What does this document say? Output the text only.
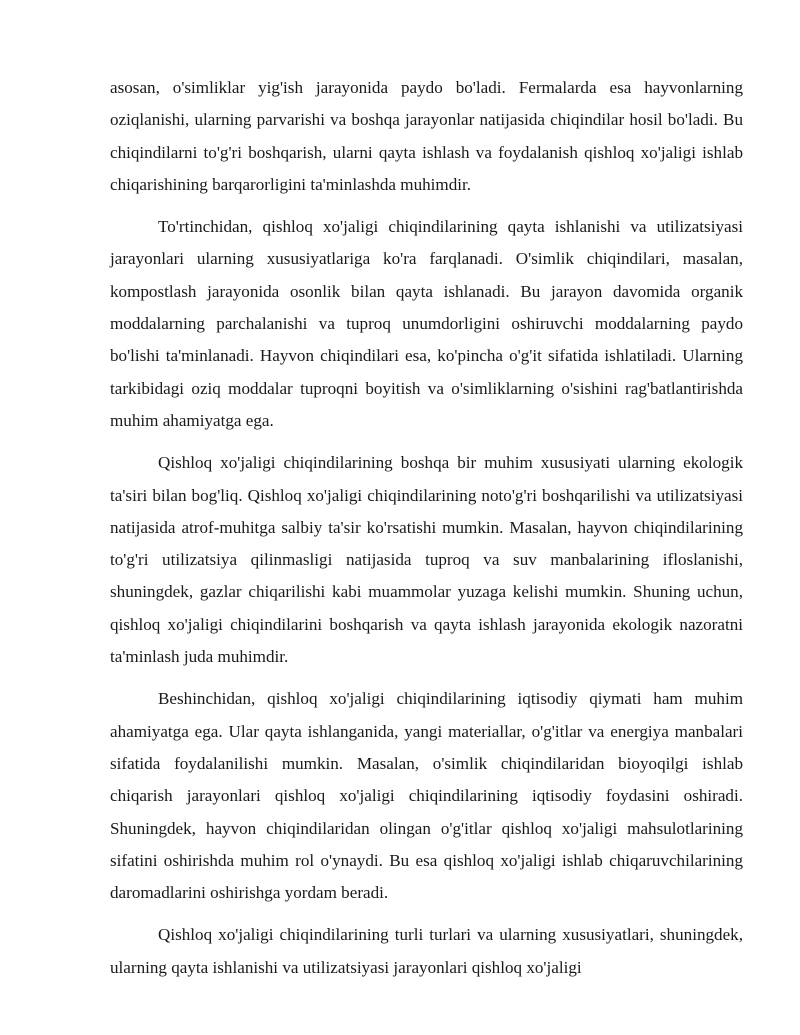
asosan, o'simliklar yig'ish jarayonida paydo bo'ladi. Fermalarda esa hayvonlarning oziqlanishi, ularning parvarishi va boshqa jarayonlar natijasida chiqindilar hosil bo'ladi. Bu chiqindilarni to'g'ri boshqarish, ularni qayta ishlash va foydalanish qishloq xo'jaligi ishlab chiqarishining barqarorligini ta'minlashda muhimdir.

To'rtinchidan, qishloq xo'jaligi chiqindilarining qayta ishlanishi va utilizatsiyasi jarayonlari ularning xususiyatlariga ko'ra farqlanadi. O'simlik chiqindilari, masalan, kompostlash jarayonida osonlik bilan qayta ishlanadi. Bu jarayon davomida organik moddalarning parchalanishi va tuproq unumdorligini oshiruvchi moddalarning paydo bo'lishi ta'minlanadi. Hayvon chiqindilari esa, ko'pincha o'g'it sifatida ishlatiladi. Ularning tarkibidagi oziq moddalar tuproqni boyitish va o'simliklarning o'sishini rag'batlantirishda muhim ahamiyatga ega.

Qishloq xo'jaligi chiqindilarining boshqa bir muhim xususiyati ularning ekologik ta'siri bilan bog'liq. Qishloq xo'jaligi chiqindilarining noto'g'ri boshqarilishi va utilizatsiyasi natijasida atrof-muhitga salbiy ta'sir ko'rsatishi mumkin. Masalan, hayvon chiqindilarining to'g'ri utilizatsiya qilinmasligi natijasida tuproq va suv manbalarining ifloslanishi, shuningdek, gazlar chiqarilishi kabi muammolar yuzaga kelishi mumkin. Shuning uchun, qishloq xo'jaligi chiqindilarini boshqarish va qayta ishlash jarayonida ekologik nazoratni ta'minlash juda muhimdir.

Beshinchidan, qishloq xo'jaligi chiqindilarining iqtisodiy qiymati ham muhim ahamiyatga ega. Ular qayta ishlanganida, yangi materiallar, o'g'itlar va energiya manbalari sifatida foydalanilishi mumkin. Masalan, o'simlik chiqindilaridan bioyoqilgi ishlab chiqarish jarayonlari qishloq xo'jaligi chiqindilarining iqtisodiy foydasini oshiradi. Shuningdek, hayvon chiqindilaridan olingan o'g'itlar qishloq xo'jaligi mahsulotlarining sifatini oshirishda muhim rol o'ynaydi. Bu esa qishloq xo'jaligi ishlab chiqaruvchilarining daromadlarini oshirishga yordam beradi.

Qishloq xo'jaligi chiqindilarining turli turlari va ularning xususiyatlari, shuningdek, ularning qayta ishlanishi va utilizatsiyasi jarayonlari qishloq xo'jaligi
